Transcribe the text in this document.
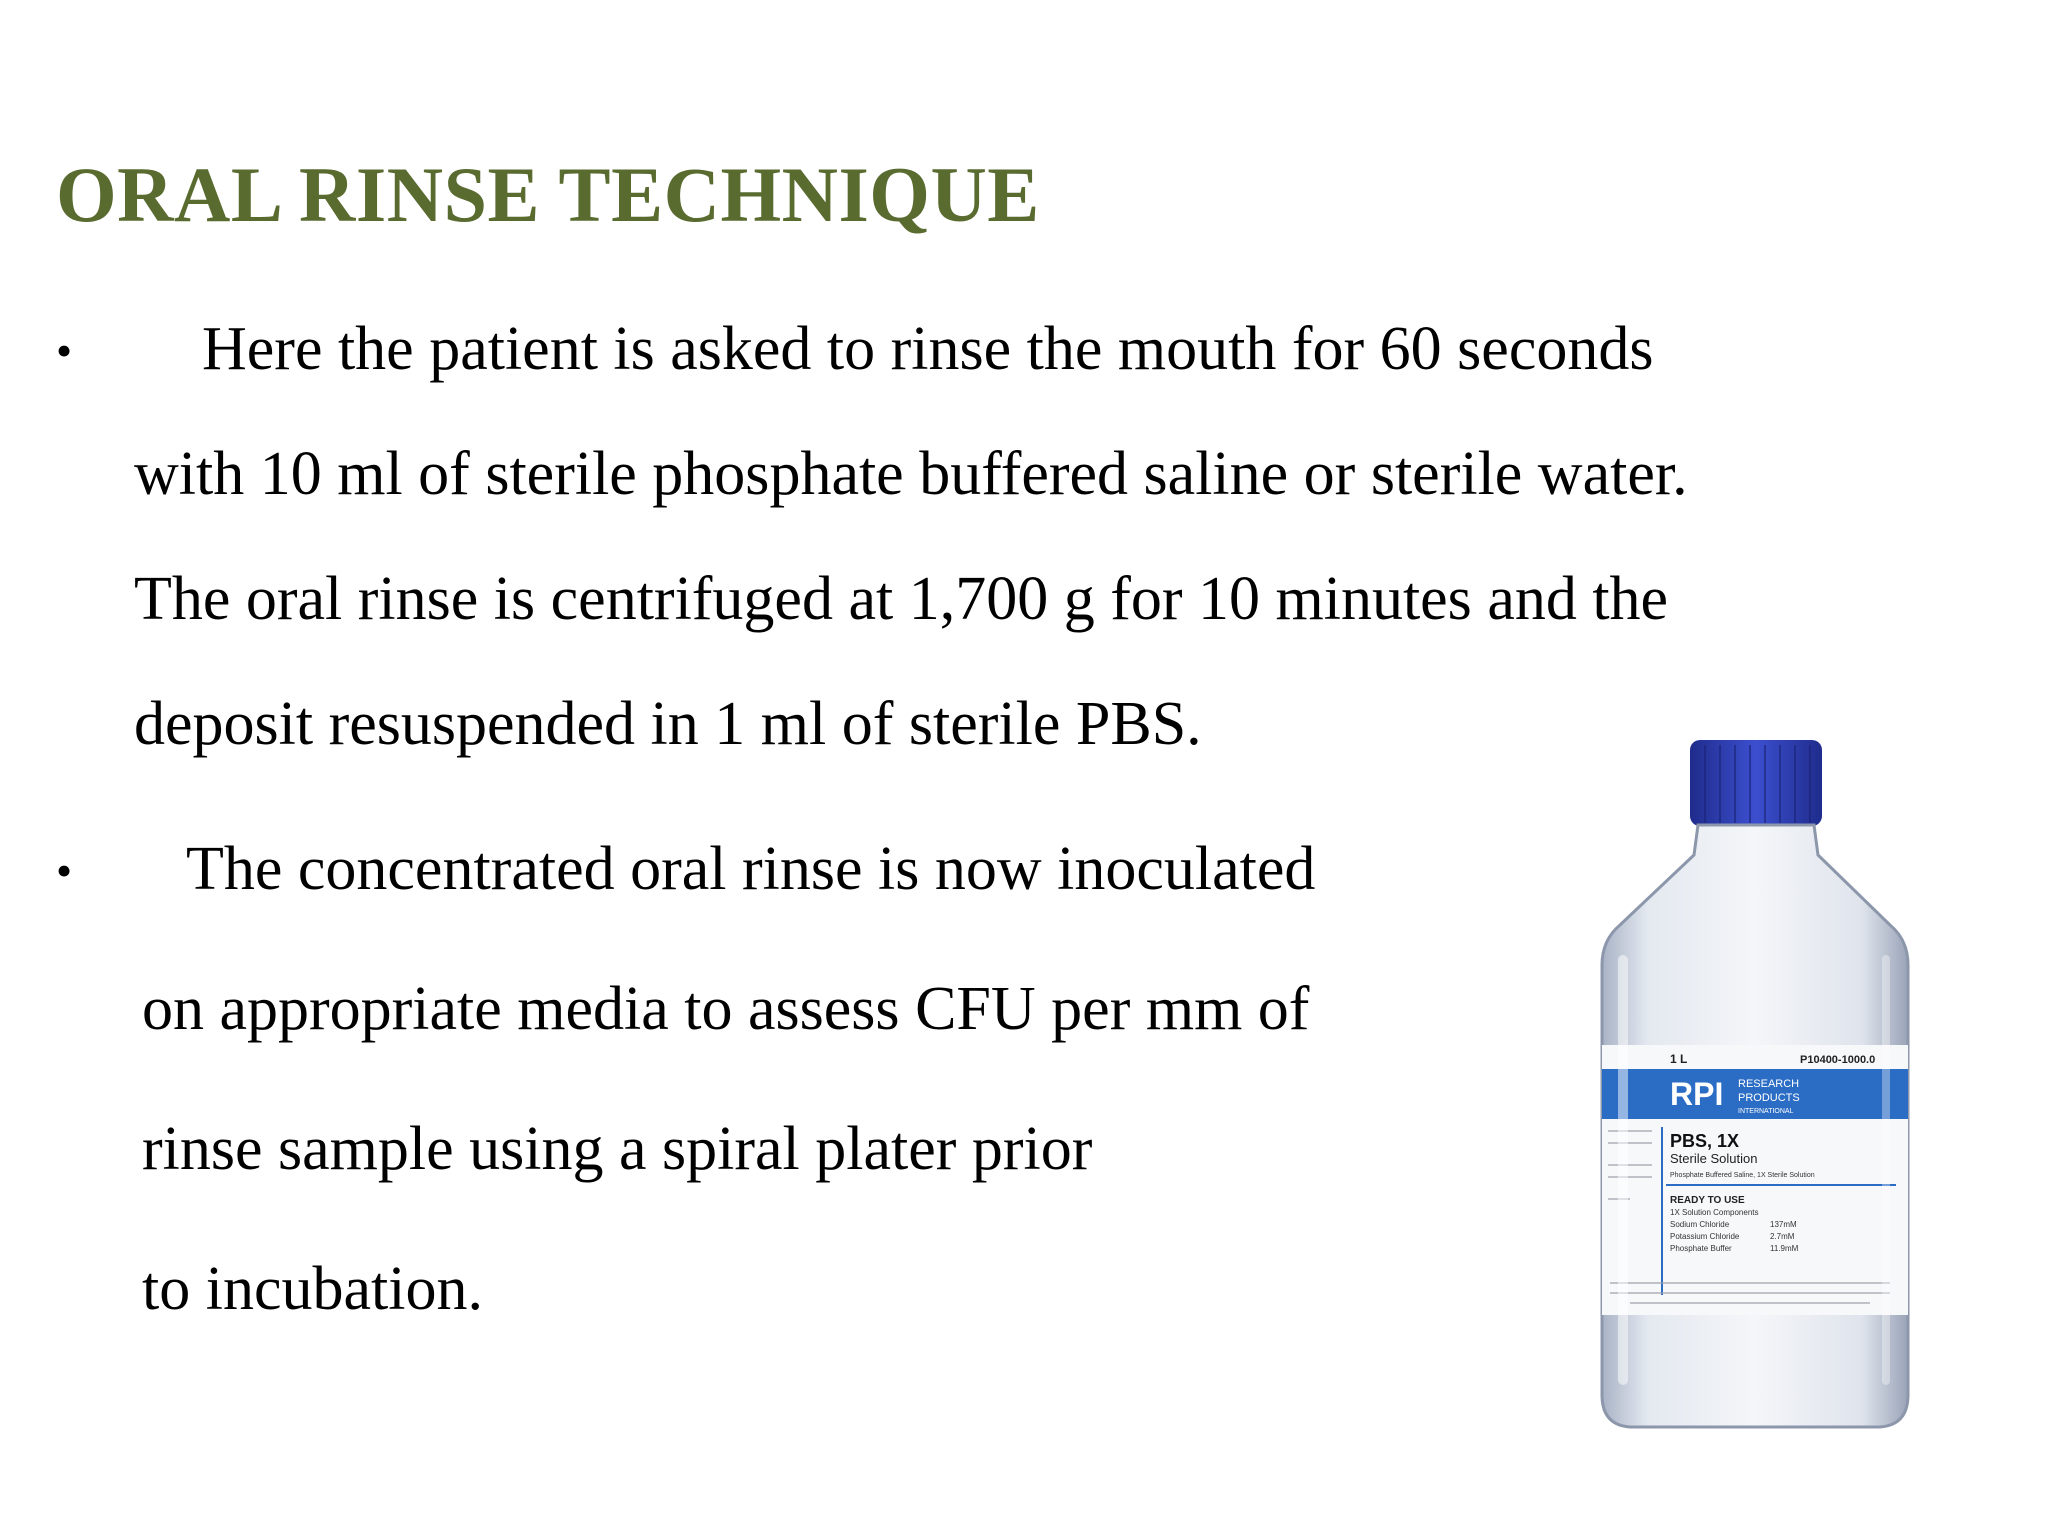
ORAL RINSE TECHNIQUE
• Here the patient is asked to rinse the mouth for 60 seconds
with 10 ml of sterile phosphate buffered saline or sterile water.
The oral rinse is centrifuged at 1,700 g for 10 minutes and the
deposit resuspended in 1 ml of sterile PBS.
• The concentrated oral rinse is now inoculated
on appropriate media to assess CFU per mm of
rinse sample using a spiral plater prior
to incubation.
1 L	P10400-1000.0
RPI RESEARCH
PRODUCTS
INTERNATIONAL
PBS, 1X
Sterile Solution
Phosphate Buffered Saline, 1X Sterile Solution
READY TO USE
1X Solution Components
Sodium Chloride	137mM
Potassium Chloride	2.7mM
Phosphate Buffer	11.9mM
